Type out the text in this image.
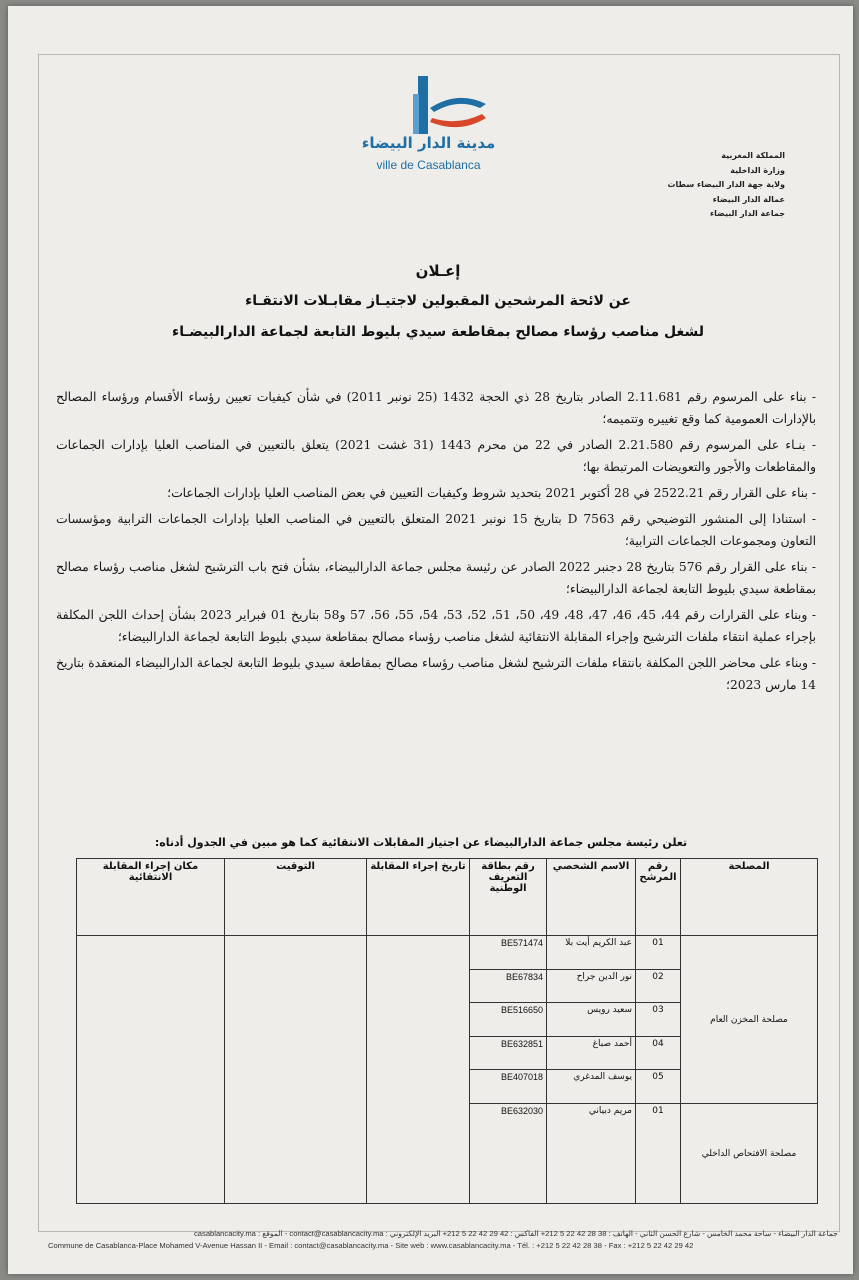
مدينة الدار البيضاء
ville de Casablanca
المملكة المغربية
وزارة الداخلية
ولاية جهة الدار البيضاء سطات
عمالة الدار البيضاء
جماعة الدار البيضاء
إعـلان
عن لائحة المرشحين المقبولين لاجتيـاز مقابـلات الانتقـاء
لشغل مناصب رؤساء مصالح بمقاطعة سيدي بليوط التابعة لجماعة الدارالبيضـاء

- بناء على المرسوم رقم 2.11.681 الصادر بتاريخ 28 ذي الحجة 1432 (25 نونبر 2011) في شأن كيفيات تعيين رؤساء الأقسام ورؤساء المصالح بالإدارات العمومية كما وقع تغييره وتتميمه؛

- بنـاء على المرسوم رقم 2.21.580 الصادر في 22 من محرم 1443 (31 غشت 2021) يتعلق بالتعيين في المناصب العليا بإدارات الجماعات والمقاطعات والأجور والتعويضات المرتبطة بها؛

- بناء على القرار رقم 2522.21 في 28 أكتوبر 2021 بتحديد شروط وكيفيات التعيين في بعض المناصب العليا بإدارات الجماعات؛

- استنادا إلى المنشور التوضيحي رقم D 7563 بتاريخ 15 نونبر 2021 المتعلق بالتعيين في المناصب العليا بإدارات الجماعات الترابية ومؤسسات التعاون ومجموعات الجماعات الترابية؛

- بناء على القرار رقم 576 بتاريخ 28 دجنبر 2022 الصادر عن رئيسة مجلس جماعة الدارالبيضاء، بشأن فتح باب الترشيح لشغل مناصب رؤساء مصالح بمقاطعة سيدي بليوط التابعة لجماعة الدارالبيضاء؛

- وبناء على القرارات رقم 44، 45، 46، 47، 48، 49، 50، 51، 52، 53، 54، 55، 56، 57 و58 بتاريخ 01 فبراير 2023 بشأن إحداث اللجن المكلفة بإجراء عملية انتقاء ملفات الترشيح وإجراء المقابلة الانتقائية لشغل مناصب رؤساء مصالح بمقاطعة سيدي بليوط التابعة لجماعة الدارالبيضاء؛

- وبناء على محاضر اللجن المكلفة بانتقاء ملفات الترشيح لشغل مناصب رؤساء مصالح بمقاطعة سيدي بليوط التابعة لجماعة الدارالبيضاء المنعقدة بتاريخ 14 مارس 2023؛

تعلن رئيسة مجلس جماعة الدارالبيضاء عن اجتياز المقابلات الانتقائية كما هو مبين في الجدول أدناه:
المصلحة	رقم المرشح	الاسم الشخصي	رقم بطاقة التعريف الوطنية	تاريخ إجراء المقابلة	التوقيت	مكان إجراء المقابلة الانتقائية
مصلحة المخزن العام	01	عبد الكريم أيت بلا	BE571474			
	02	نور الدين جراح	BE67834			
	03	سعيد رويس	BE516650			
	04	أحمد صباغ	BE632851			
	05	يوسف المدغري	BE407018			
مصلحة الافتحاص الداخلي	01	مريم دبياني	BE632030			
جماعة الدار البيضاء - ساحة محمد الخامس - شارع الحسن الثاني - الهاتف : 38 28 42 22 5 212+ الفاكس : 42 29 42 22 5 212+ البريد الإلكتروني : contact@casablancacity.ma - الموقع : casablancacity.ma
Commune de Casablanca-Place Mohamed V-Avenue Hassan II - Email : contact@casablancacity.ma - Site web : www.casablancacity.ma - Tél. : +212 5 22 42 28 38 - Fax : +212 5 22 42 29 42
